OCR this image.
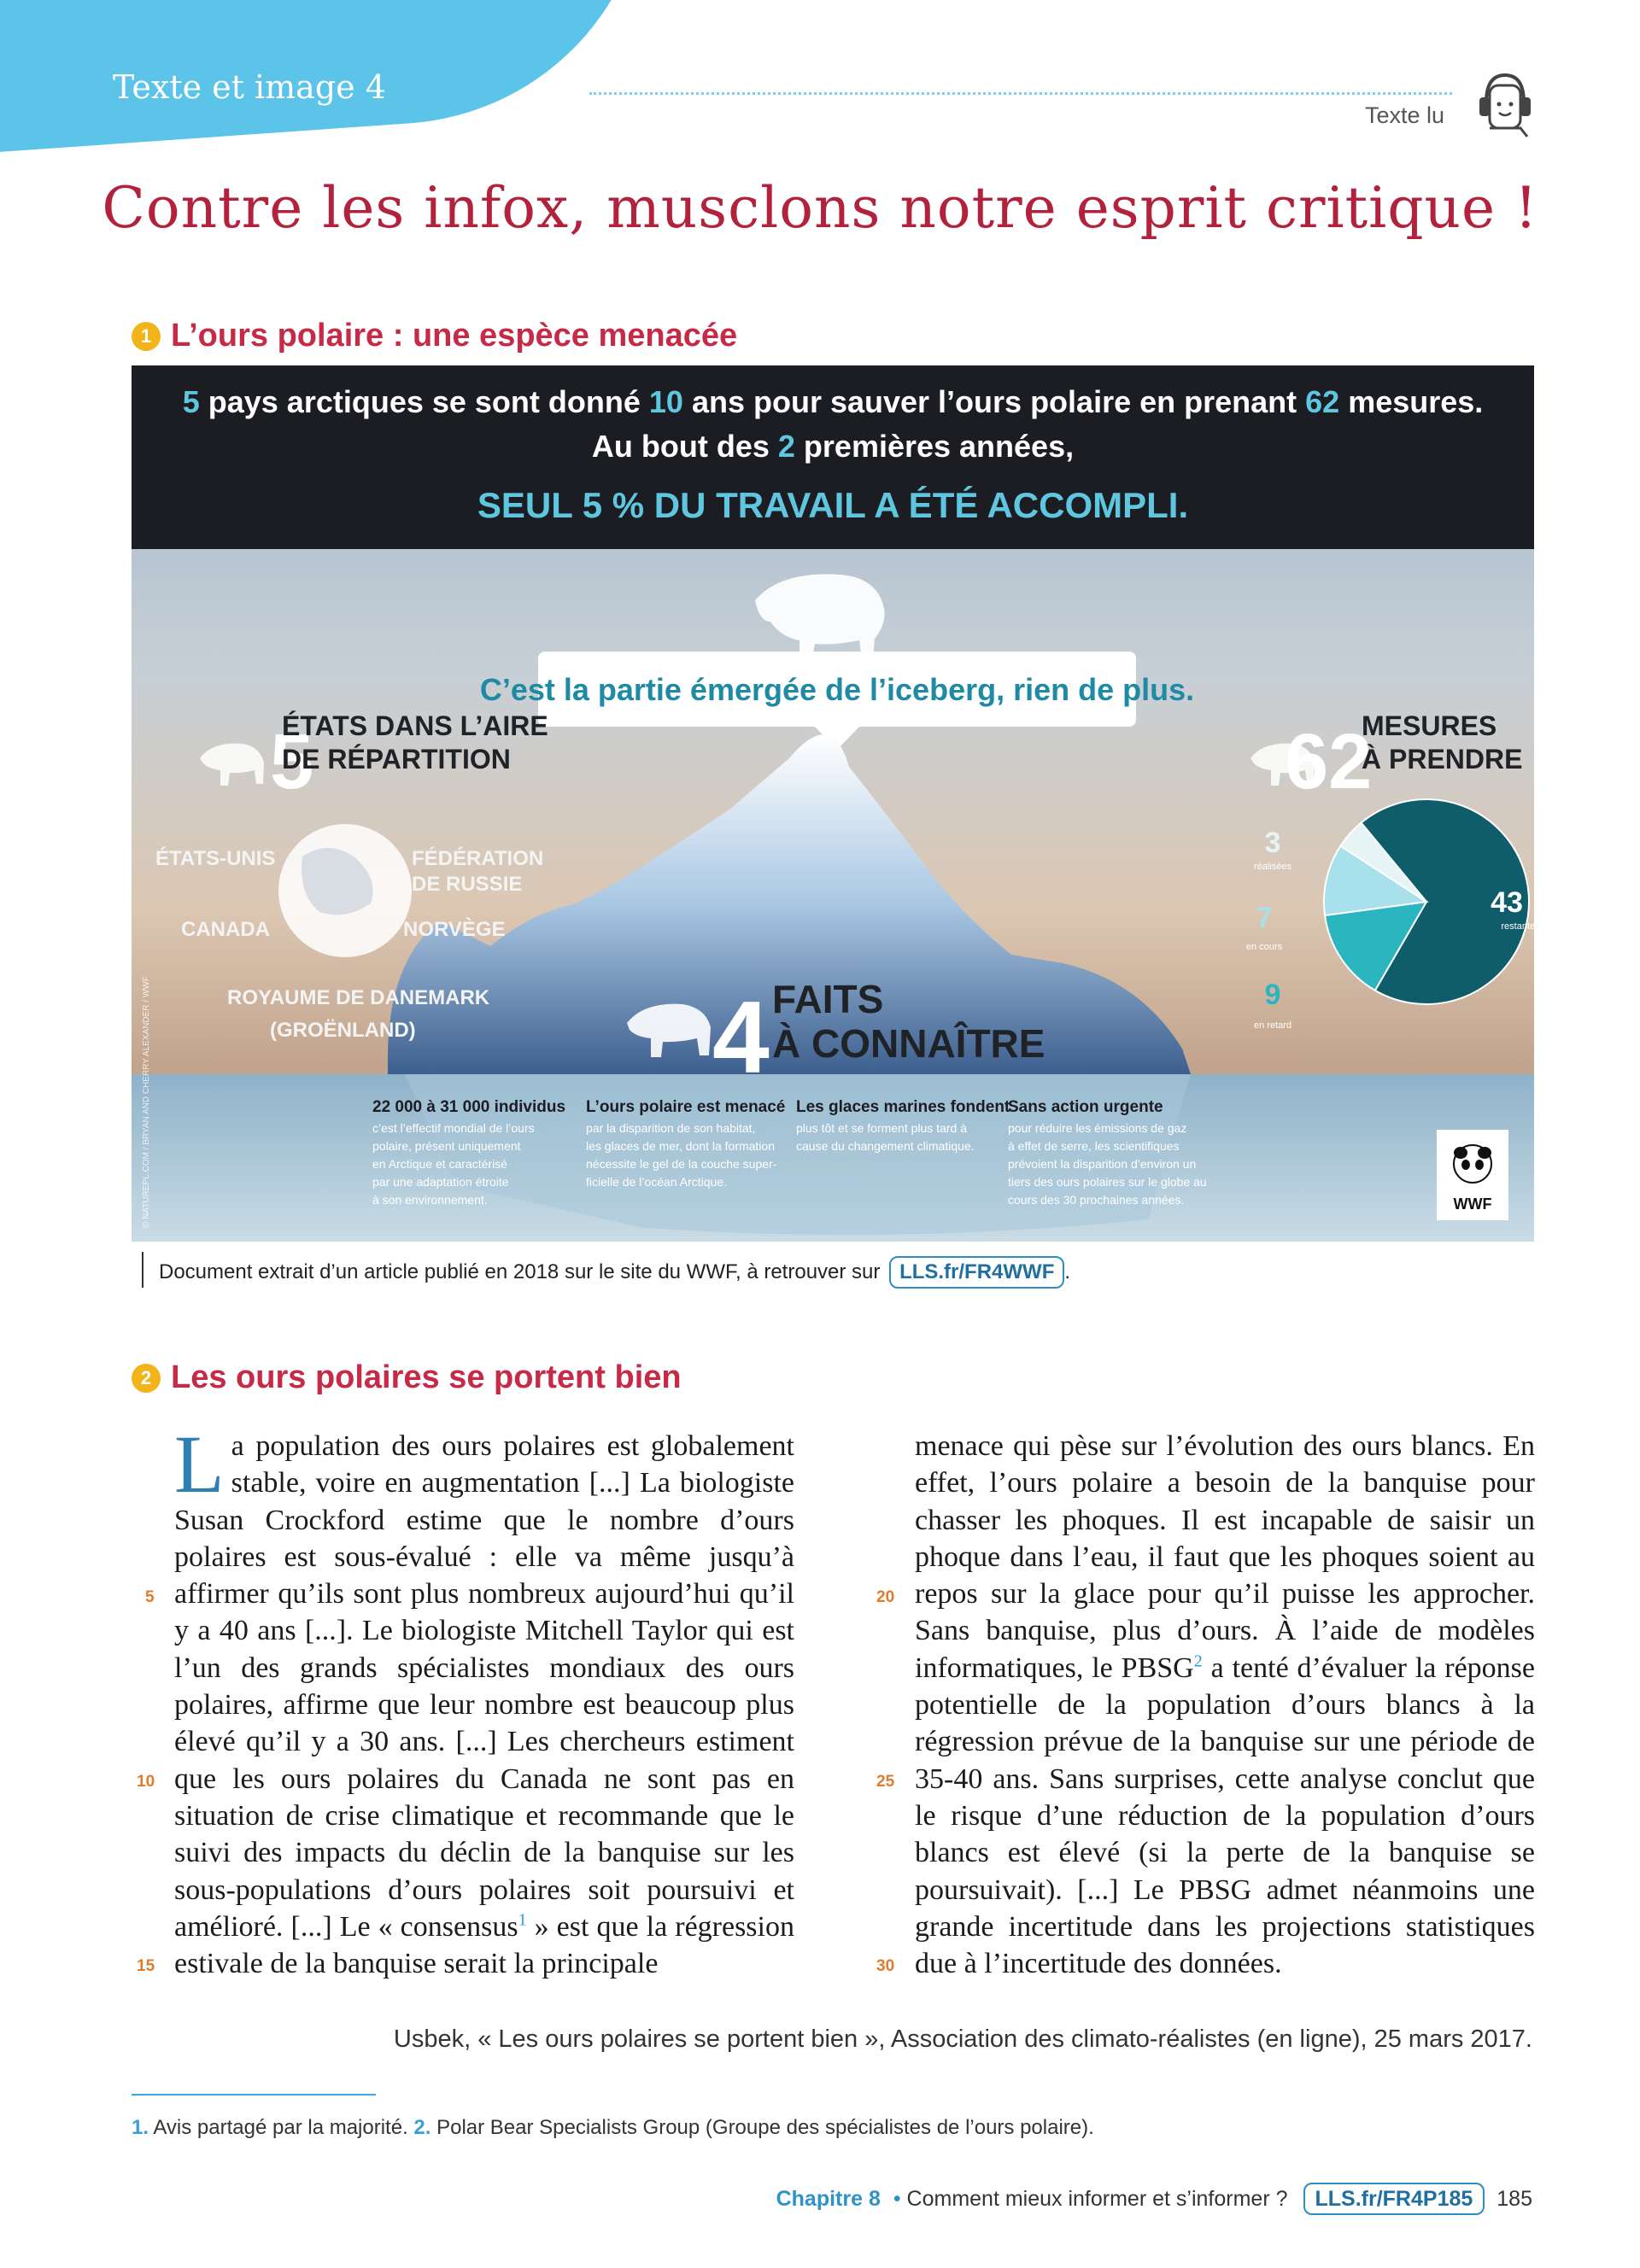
Texte et image 4
Texte lu
Contre les infox, musclons notre esprit critique !
1 L’ours polaire : une espèce menacée
5 pays arctiques se sont donné 10 ans pour sauver l’ours polaire en prenant 62 mesures.
Au bout des 2 premières années,
SEUL 5 % DU TRAVAIL A ÉTÉ ACCOMPLI.
C’est la partie émergée de l’iceberg, rien de plus.
5
ÉTATS DANS L’AIRE
DE RÉPARTITION
ÉTATS-UNIS	FÉDÉRATION
DE RUSSIE
CANADA	NORVÈGE
ROYAUME DE DANEMARK
(GROËNLAND)
62
MESURES
À PRENDRE
43
restantes
9
en retard
7
en cours
3
réalisées
4 FAITS
À CONNAÎTRE
22 000 à 31 000 individus
c’est l’effectif mondial de l’ours
polaire, présent uniquement
en Arctique et caractérisé
par une adaptation étroite
à son environnement.
L’ours polaire est menacé
par la disparition de son habitat,
les glaces de mer, dont la formation
nécessite le gel de la couche super-
ficielle de l’océan Arctique.
Les glaces marines fondent
plus tôt et se forment plus tard à
cause du changement climatique.
Sans action urgente
pour réduire les émissions de gaz
à effet de serre, les scientifiques
prévoient la disparition d’environ un
tiers des ours polaires sur le globe au
cours des 30 prochaines années.
© NATUREPL.COM / BRYAN AND CHERRY ALEXANDER / WWF	WWF
Document extrait d’un article publié en 2018 sur le site du WWF, à retrouver sur LLS.fr/FR4WWF .
2 Les ours polaires se portent bien

La population des ours polaires est globalement stable, voire en augmentation [...] La biologiste Susan Crockford estime que le nombre d’ours polaires est sous-évalué : elle va même jusqu’à affirmer qu’ils sont plus nombreux aujourd’hui qu’il y a 40 ans [...]. Le biologiste Mitchell Taylor qui est l’un des grands spécialistes mondiaux des ours polaires, affirme que leur nombre est beaucoup plus élevé qu’il y a 30 ans. [...] Les chercheurs estiment que les ours polaires du Canada ne sont pas en situation de crise climatique et recommande que le suivi des impacts du déclin de la banquise sur les sous-populations d’ours polaires soit poursuivi et amélioré. [...] Le « consensus$^1$ » est que la régression estivale de la banquise serait la principale

menace qui pèse sur l’évolution des ours blancs. En effet, l’ours polaire a besoin de la banquise pour chasser les phoques. Il est incapable de saisir un phoque dans l’eau, il faut que les phoques soient au repos sur la glace pour qu’il puisse les approcher. Sans banquise, plus d’ours. À l’aide de modèles informatiques, le PBSG$^2$ a tenté d’évaluer la réponse potentielle de la population d’ours blancs à la régression prévue de la banquise sur une période de 35-40 ans. Sans surprises, cette analyse conclut que le risque d’une réduction de la population d’ours blancs est élevé (si la perte de la banquise se poursuivait). [...] Le PBSG admet néanmoins une grande incertitude dans les projections statistiques due à l’incertitude des données.

5
10
15
20
25
30
Usbek, « Les ours polaires se portent bien », Association des climato-réalistes (en ligne), 25 mars 2017.
1. Avis partagé par la majorité. 2. Polar Bear Specialists Group (Groupe des spécialistes de l’ours polaire).
Chapitre 8 • Comment mieux informer et s’informer ?	LLS.fr/FR4P185	185
